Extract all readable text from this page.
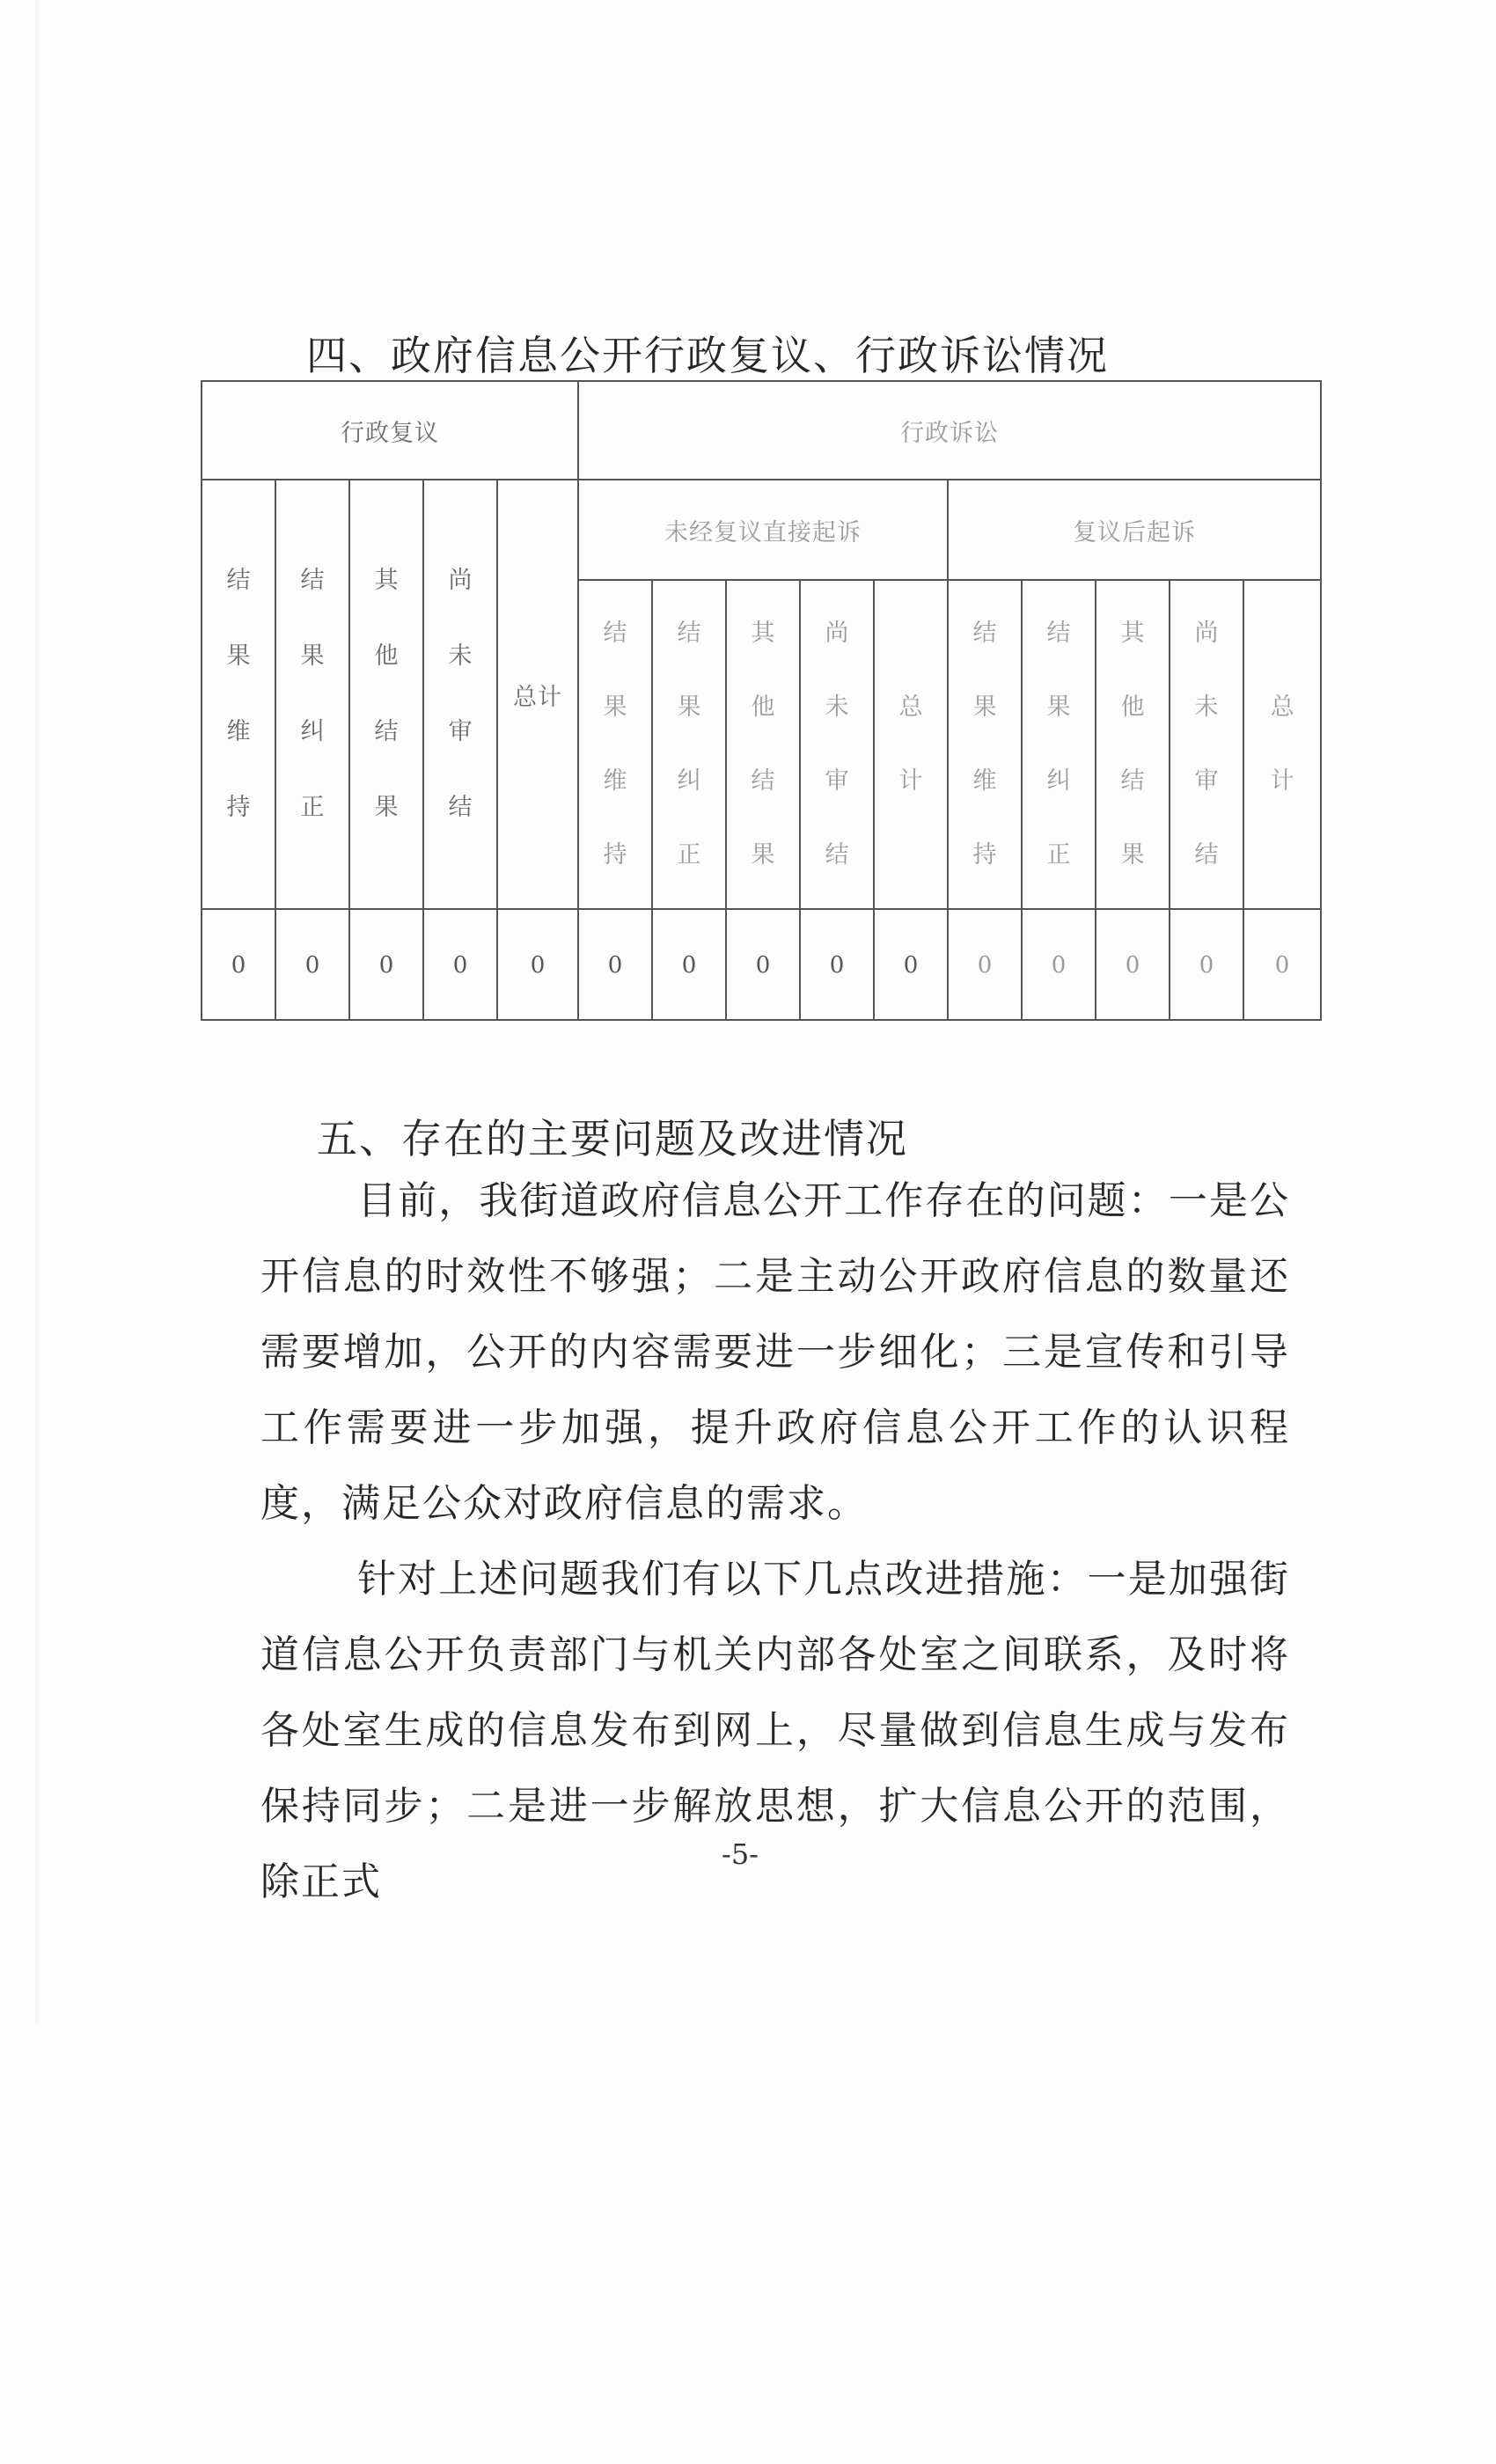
四、政府信息公开行政复议、行政诉讼情况
行政复议					行政诉讼									
结果维持	结果纠正	其他结果	尚未审结	总计	未经复议直接起诉					复议后起诉				
					结果维持	结果纠正	其他结果	尚未审结	总计	结果维持	结果纠正	其他结果	尚未审结	总计
0	0	0	0	0	0	0	0	0	0	0	0	0	0	0
五、存在的主要问题及改进情况
目前，我街道政府信息公开工作存在的问题：一是公开信息的时效性不够强；二是主动公开政府信息的数量还需要增加，公开的内容需要进一步细化；三是宣传和引导工作需要进一步加强，提升政府信息公开工作的认识程度，满足公众对政府信息的需求。
针对上述问题我们有以下几点改进措施：一是加强街道信息公开负责部门与机关内部各处室之间联系，及时将各处室生成的信息发布到网上，尽量做到信息生成与发布保持同步；二是进一步解放思想，扩大信息公开的范围，除正式
-5-
